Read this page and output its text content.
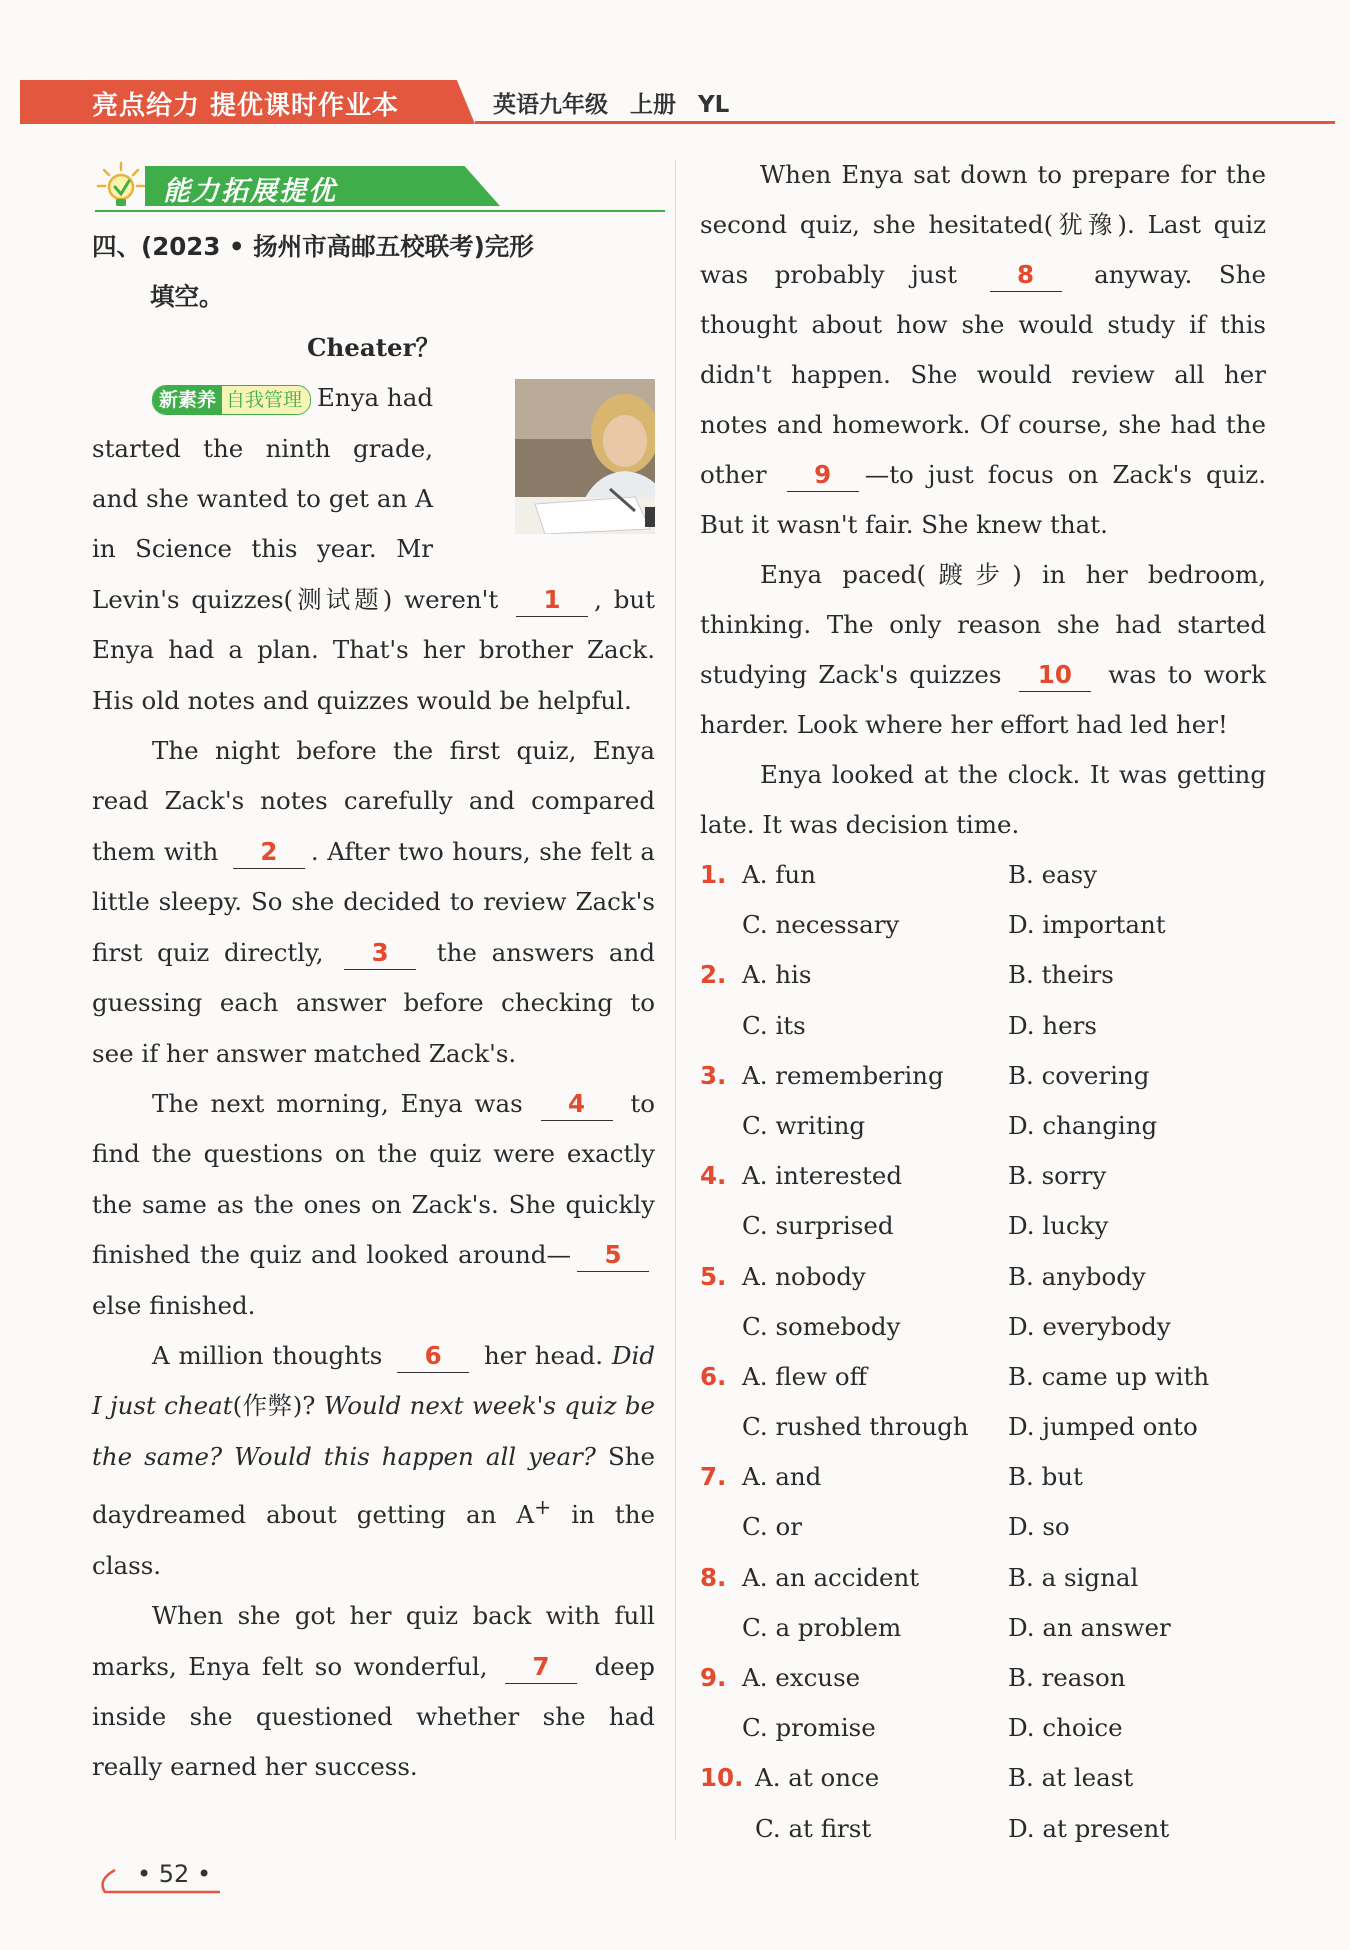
亮点给力 提优课时作业本	英语九年级 上册 YL
能力拓展提优

四、(2023 • 扬州市高邮五校联考)完形

填空。

Cheater？

新素养 自我管理 Enya had started the ninth grade, and she wanted to get an A in Science this year. Mr Levin's quizzes(测试题) weren't 1 , but Enya had a plan. That's her brother Zack. His old notes and quizzes would be helpful.

The night before the first quiz, Enya read Zack's notes carefully and compared them with 2 . After two hours, she felt a little sleepy. So she decided to review Zack's first quiz directly, 3 the answers and guessing each answer before checking to see if her answer matched Zack's.

The next morning, Enya was 4 to find the questions on the quiz were exactly the same as the ones on Zack's. She quickly finished the quiz and looked around— 5 else finished.

A million thoughts 6 her head. Did I just cheat(作弊)? Would next week's quiz be the same? Would this happen all year? She daydreamed about getting an A+ in the class.

When she got her quiz back with full marks, Enya felt so wonderful, 7 deep inside she questioned whether she had really earned her success.

When Enya sat down to prepare for the second quiz, she hesitated(犹豫). Last quiz was probably just 8 anyway. She thought about how she would study if this didn't happen. She would review all her notes and homework. Of course, she had the other 9 —to just focus on Zack's quiz. But it wasn't fair. She knew that.

Enya paced(踱步) in her bedroom, thinking. The only reason she had started studying Zack's quizzes 10 was to work harder. Look where her effort had led her!

Enya looked at the clock. It was getting late. It was decision time.

1. A. fun	B. easy
C. necessary	D. important
2. A. his	B. theirs
C. its	D. hers
3. A. remembering	B. covering
C. writing	D. changing
4. A. interested	B. sorry
C. surprised	D. lucky
5. A. nobody	B. anybody
C. somebody	D. everybody
6. A. flew off	B. came up with
C. rushed through D. jumped onto
7. A. and	B. but
C. or	D. so
8. A. an accident	B. a signal
C. a problem	D. an answer
9. A. excuse	B. reason
C. promise	D. choice
10. A. at once	B. at least
C. at first	D. at present
• 52 •
